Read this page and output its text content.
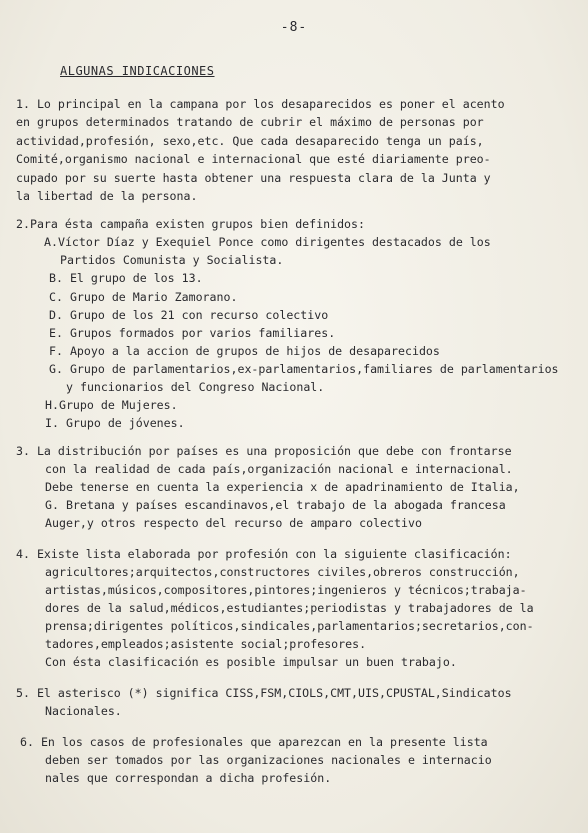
-8-
ALGUNAS INDICACIONES
1. Lo principal en la campana por los desaparecidos es poner el acento
en grupos determinados tratando de cubrir el máximo de personas por
actividad,profesión, sexo,etc. Que cada desaparecido tenga un país,
Comité,organismo nacional e internacional que esté diariamente preo-
cupado por su suerte hasta obtener una respuesta clara de la Junta y
la libertad de la persona.
2.Para ésta campaña existen grupos bien definidos:
A.Víctor Díaz y Exequiel Ponce como dirigentes destacados de los
Partidos Comunista y Socialista.
B. El grupo de los 13.
C. Grupo de Mario Zamorano.
D. Grupo de los 21 con recurso colectivo
E. Grupos formados por varios familiares.
F. Apoyo a la accion de grupos de hijos de desaparecidos
G. Grupo de parlamentarios,ex-parlamentarios,familiares de parlamentarios
y funcionarios del Congreso Nacional.
H.Grupo de Mujeres.
I. Grupo de jóvenes.
3. La distribución por países es una proposición que debe con frontarse
con la realidad de cada país,organización nacional e internacional.
Debe tenerse en cuenta la experiencia x de apadrinamiento de Italia,
G. Bretana y países escandinavos,el trabajo de la abogada francesa
Auger,y otros respecto del recurso de amparo colectivo
4. Existe lista elaborada por profesión con la siguiente clasificación:
agricultores;arquitectos,constructores civiles,obreros construcción,
artistas,músicos,compositores,pintores;ingenieros y técnicos;trabaja-
dores de la salud,médicos,estudiantes;periodistas y trabajadores de la
prensa;dirigentes políticos,sindicales,parlamentarios;secretarios,con-
tadores,empleados;asistente social;profesores.
Con ésta clasificación es posible impulsar un buen trabajo.
5. El asterisco (*) significa CISS,FSM,CIOLS,CMT,UIS,CPUSTAL,Sindicatos
Nacionales.
6. En los casos de profesionales que aparezcan en la presente lista
deben ser tomados por las organizaciones nacionales e internacio
nales que correspondan a dicha profesión.
